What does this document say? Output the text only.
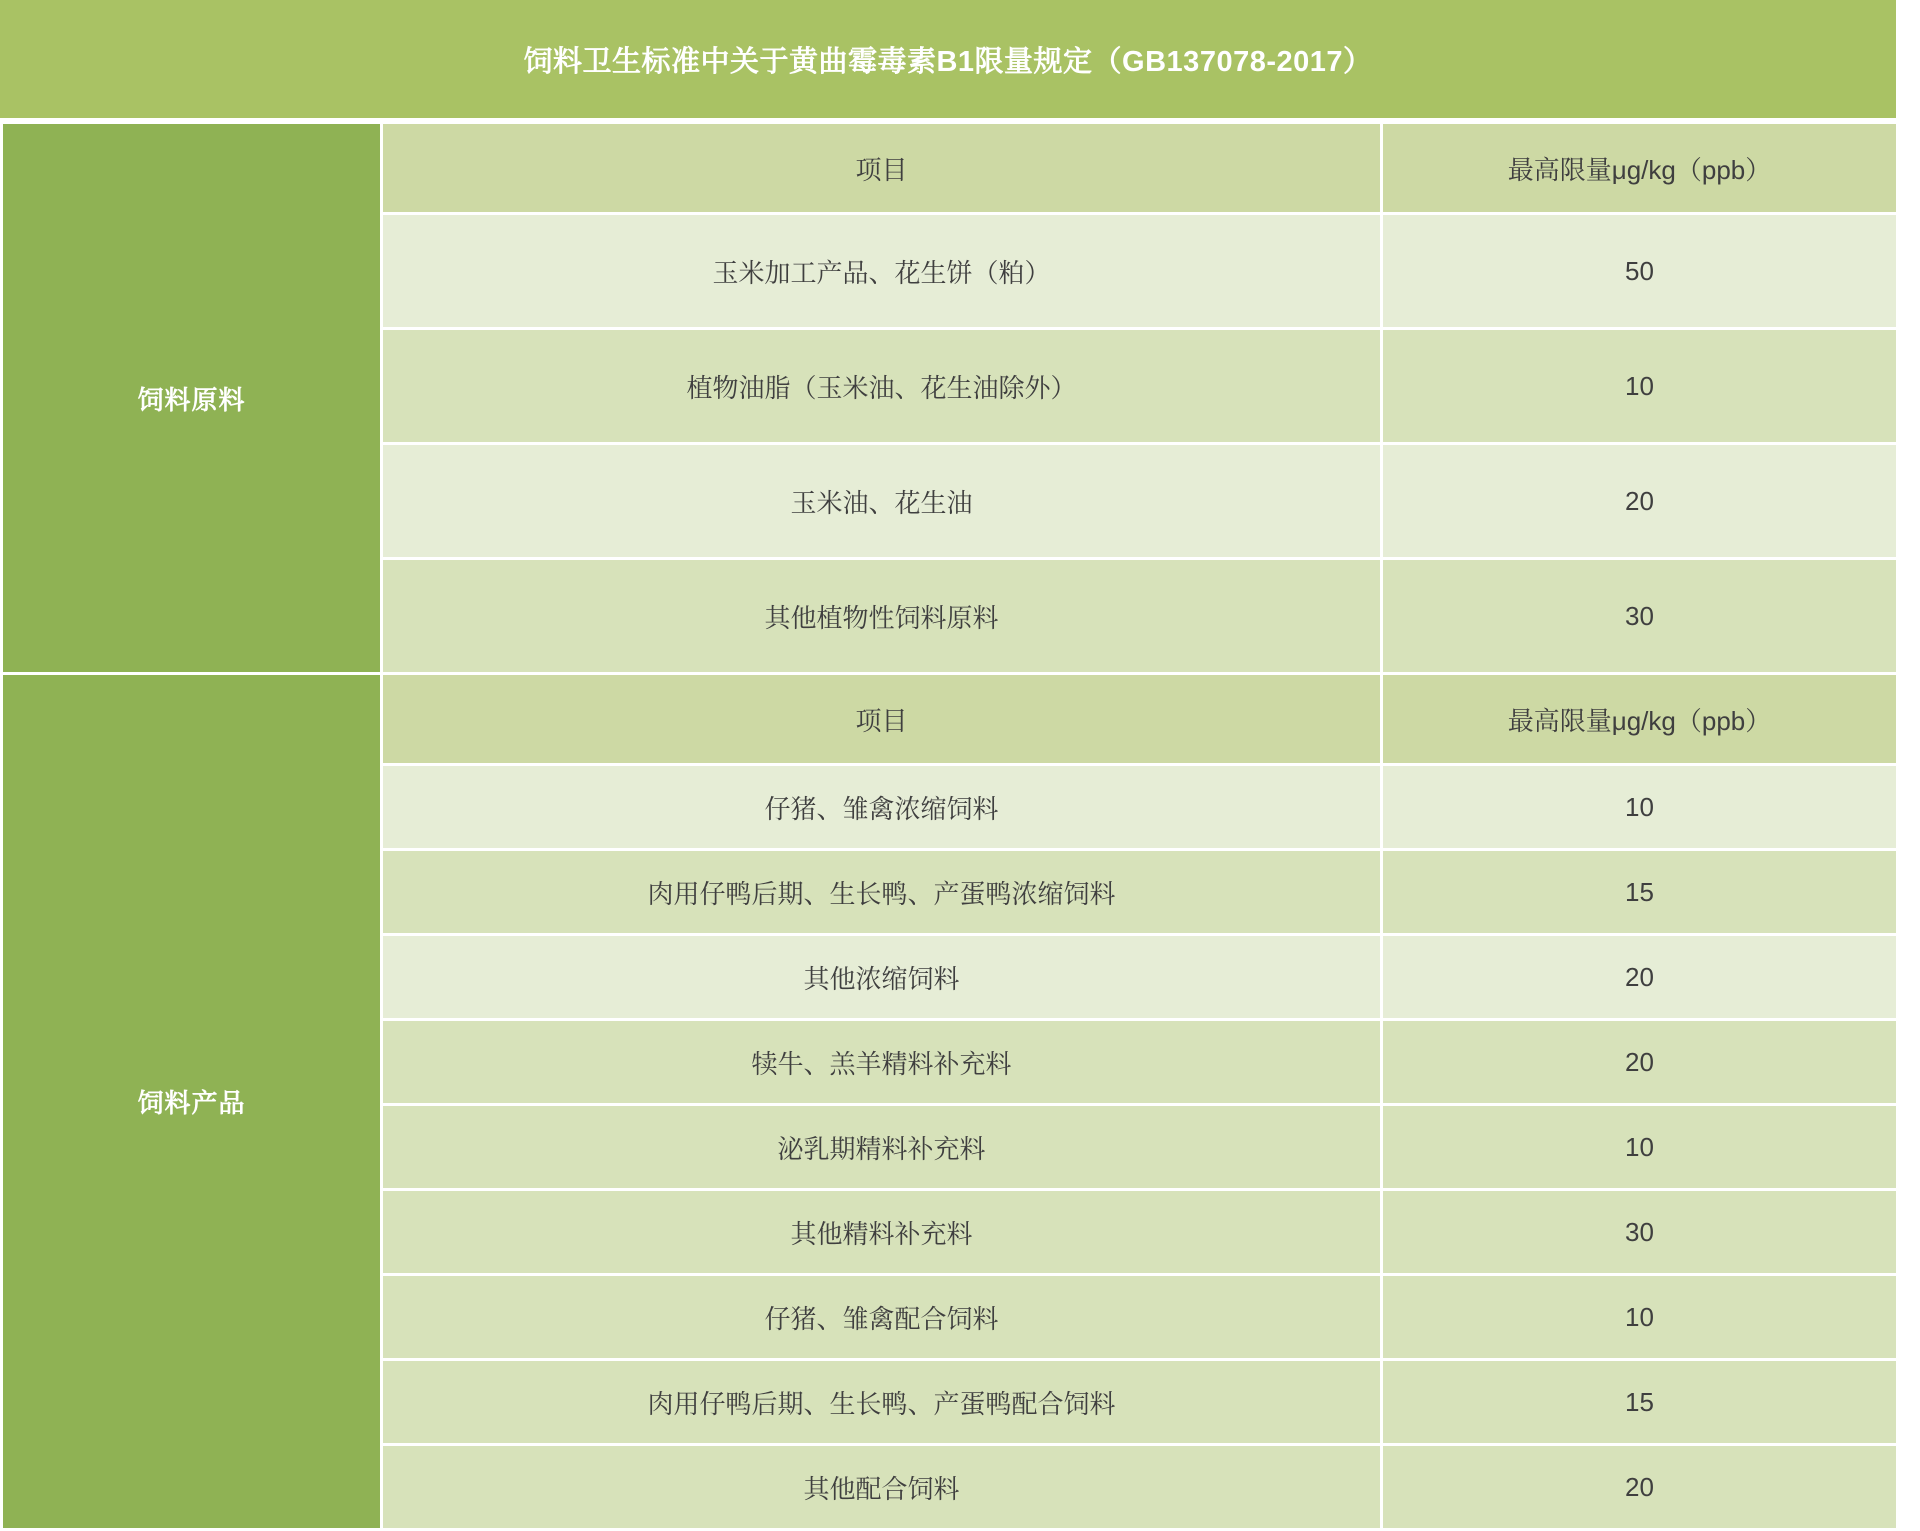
饲料卫生标准中关于黄曲霉毒素B1限量规定（GB137078-2017）
饲料原料	项目	最高限量μg/kg（ppb）
	玉米加工产品、花生饼（粕）	50
	植物油脂（玉米油、花生油除外）	10
	玉米油、花生油	20
	其他植物性饲料原料	30

饲料产品	项目	最高限量μg/kg（ppb）
	仔猪、雏禽浓缩饲料	10
	肉用仔鸭后期、生长鸭、产蛋鸭浓缩饲料	15
	其他浓缩饲料	20
	犊牛、羔羊精料补充料	20
	泌乳期精料补充料	10
	其他精料补充料	30
	仔猪、雏禽配合饲料	10
	肉用仔鸭后期、生长鸭、产蛋鸭配合饲料	15
	其他配合饲料	20
